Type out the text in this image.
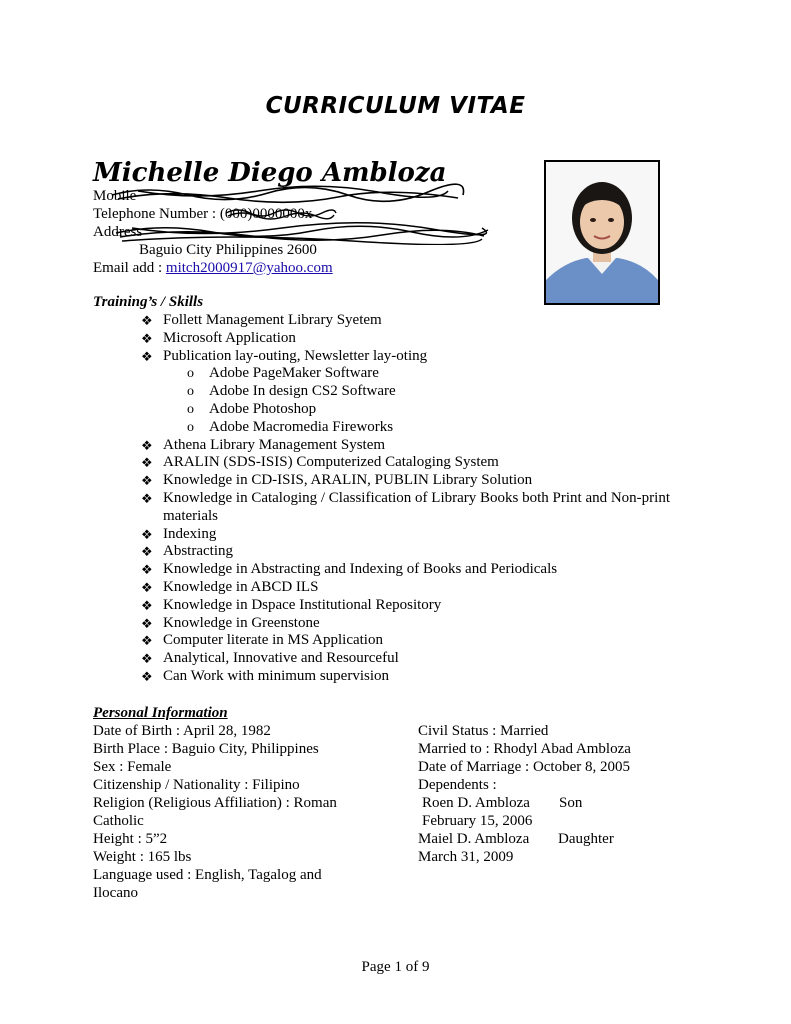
CURRICULUM VITAE
Michelle Diego Ambloza
Mobile
Telephone Number : (000)0000000x
Address
Baguio City Philippines 2600
Email add : mitch2000917@yahoo.com
Training’s / Skills
❖ Follett Management Library Syetem
❖ Microsoft Application
❖ Publication lay-outing, Newsletter lay-oting
o Adobe PageMaker Software
o Adobe In design CS2 Software
o Adobe Photoshop
o Adobe Macromedia Fireworks
❖ Athena Library Management System
❖ ARALIN (SDS-ISIS) Computerized Cataloging System
❖ Knowledge in CD-ISIS, ARALIN, PUBLIN Library Solution
❖ Knowledge in Cataloging / Classification of Library Books both Print and Non-print
materials
❖ Indexing
❖ Abstracting
❖ Knowledge in Abstracting and Indexing of Books and Periodicals
❖ Knowledge in ABCD ILS
❖ Knowledge in Dspace Institutional Repository
❖ Knowledge in Greenstone
❖ Computer literate in MS Application
❖ Analytical, Innovative and Resourceful
❖ Can Work with minimum supervision
Personal Information
Date of Birth : April 28, 1982
Birth Place : Baguio City, Philippines
Sex : Female
Citizenship / Nationality : Filipino
Religion (Religious Affiliation) : Roman
Catholic
Height : 5”2
Weight : 165 lbs
Language used : English, Tagalog and
Ilocano
Civil Status : Married
Married to : Rhodyl Abad Ambloza
Date of Marriage : October 8, 2005
Dependents :
Roen D. Ambloza Son
February 15, 2006
Maiel D. Ambloza Daughter
March 31, 2009
Page 1 of 9
